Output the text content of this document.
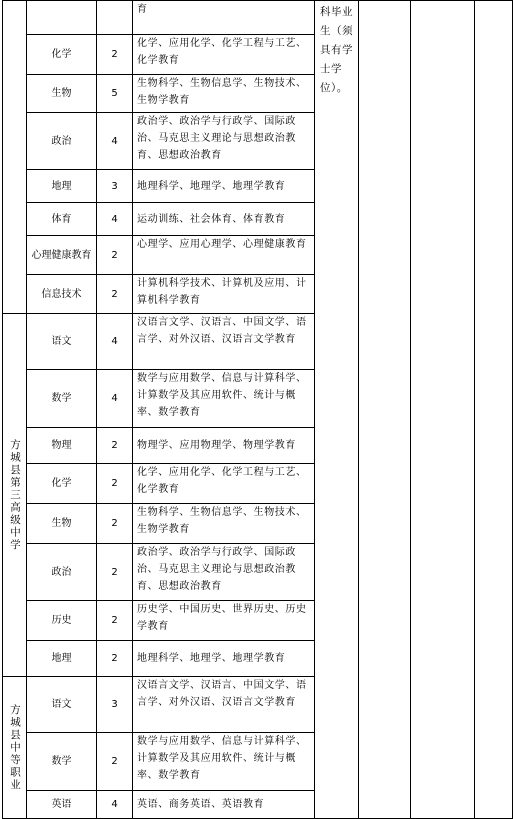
			育	科毕业生（须具有学士学位）。			
	化学	2	化学、应用化学、化学工程与工艺、化学教育				
	生物	5	生物科学、生物信息学、生物技术、生物学教育				
	政治	4	政治学、政治学与行政学、国际政治、马克思主义理论与思想政治教育、思想政治教育				
	地理	3	地理科学、地理学、地理学教育				
	体育	4	运动训练、社会体育、体育教育				
	心理健康教育	2	心理学、应用心理学、心理健康教育				
	信息技术	2	计算机科学技术、计算机及应用、计算机科学教育				
方城县第三高级中学	语文	4	汉语言文学、汉语言、中国文学、语言学、对外汉语、汉语言文学教育				
	数学	4	数学与应用数学、信息与计算科学、计算数学及其应用软件、统计与概率、数学教育				
	物理	2	物理学、应用物理学、物理学教育				
	化学	2	化学、应用化学、化学工程与工艺、化学教育				
	生物	2	生物科学、生物信息学、生物技术、生物学教育				
	政治	2	政治学、政治学与行政学、国际政治、马克思主义理论与思想政治教育、思想政治教育				
	历史	2	历史学、中国历史、世界历史、历史学教育				
	地理	2	地理科学、地理学、地理学教育				
方城县中等职业	语文	3	汉语言文学、汉语言、中国文学、语言学、对外汉语、汉语言文学教育				
	数学	2	数学与应用数学、信息与计算科学、计算数学及其应用软件、统计与概率、数学教育				
	英语	4	英语、商务英语、英语教育				
